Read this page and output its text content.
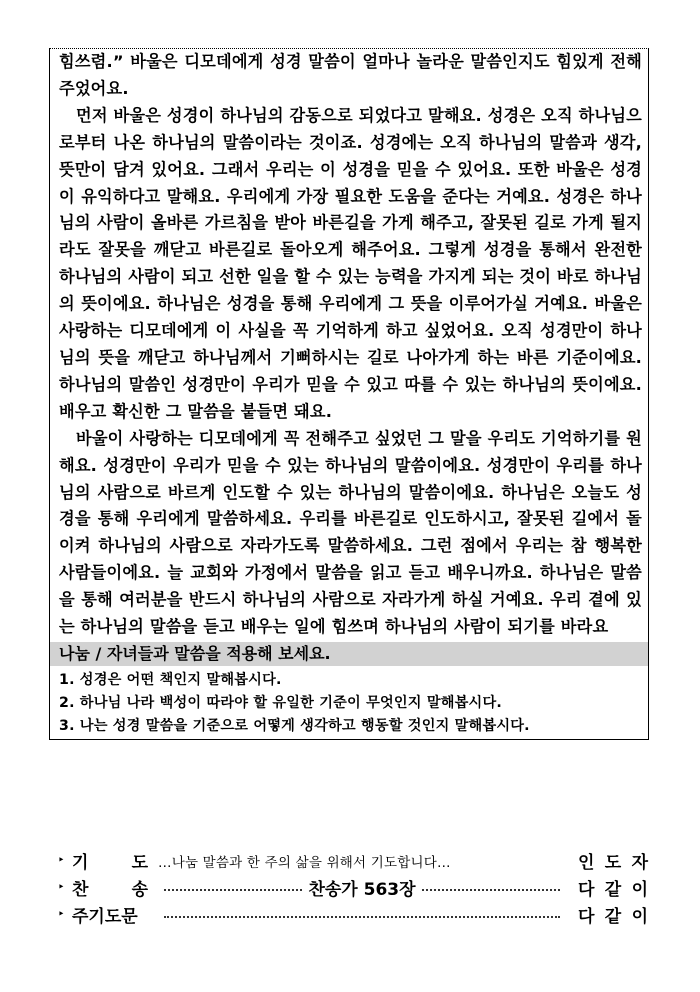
힘쓰렴.” 바울은 디모데에게 성경 말씀이 얼마나 놀라운 말씀인지도 힘있게 전해주었어요.

먼저 바울은 성경이 하나님의 감동으로 되었다고 말해요. 성경은 오직 하나님으로부터 나온 하나님의 말씀이라는 것이죠. 성경에는 오직 하나님의 말씀과 생각, 뜻만이 담겨 있어요. 그래서 우리는 이 성경을 믿을 수 있어요. 또한 바울은 성경이 유익하다고 말해요. 우리에게 가장 필요한 도움을 준다는 거예요. 성경은 하나님의 사람이 올바른 가르침을 받아 바른길을 가게 해주고, 잘못된 길로 가게 될지라도 잘못을 깨닫고 바른길로 돌아오게 해주어요. 그렇게 성경을 통해서 완전한 하나님의 사람이 되고 선한 일을 할 수 있는 능력을 가지게 되는 것이 바로 하나님의 뜻이에요. 하나님은 성경을 통해 우리에게 그 뜻을 이루어가실 거예요. 바울은 사랑하는 디모데에게 이 사실을 꼭 기억하게 하고 싶었어요. 오직 성경만이 하나님의 뜻을 깨닫고 하나님께서 기뻐하시는 길로 나아가게 하는 바른 기준이에요. 하나님의 말씀인 성경만이 우리가 믿을 수 있고 따를 수 있는 하나님의 뜻이에요. 배우고 확신한 그 말씀을 붙들면 돼요.

바울이 사랑하는 디모데에게 꼭 전해주고 싶었던 그 말을 우리도 기억하기를 원해요. 성경만이 우리가 믿을 수 있는 하나님의 말씀이에요. 성경만이 우리를 하나님의 사람으로 바르게 인도할 수 있는 하나님의 말씀이에요. 하나님은 오늘도 성경을 통해 우리에게 말씀하세요. 우리를 바른길로 인도하시고, 잘못된 길에서 돌이켜 하나님의 사람으로 자라가도록 말씀하세요. 그런 점에서 우리는 참 행복한 사람들이에요. 늘 교회와 가정에서 말씀을 읽고 듣고 배우니까요. 하나님은 말씀을 통해 여러분을 반드시 하나님의 사람으로 자라가게 하실 거예요. 우리 곁에 있는 하나님의 말씀을 듣고 배우는 일에 힘쓰며 하나님의 사람이 되기를 바라요

나눔 / 자녀들과 말씀을 적용해 보세요.
1. 성경은 어떤 책인지 말해봅시다.
2. 하나님 나라 백성이 따라야 할 유일한 기준이 무엇인지 말해봅시다.
3. 나는 성경 말씀을 기준으로 어떻게 생각하고 행동할 것인지 말해봅시다.
‣ 기	도 …나눔 말씀과 한 주의 삶을 위해서 기도합니다…	인 도 자
‣ 찬	송	찬송가 563장	다 같 이
‣ 주기도문	다 같 이
